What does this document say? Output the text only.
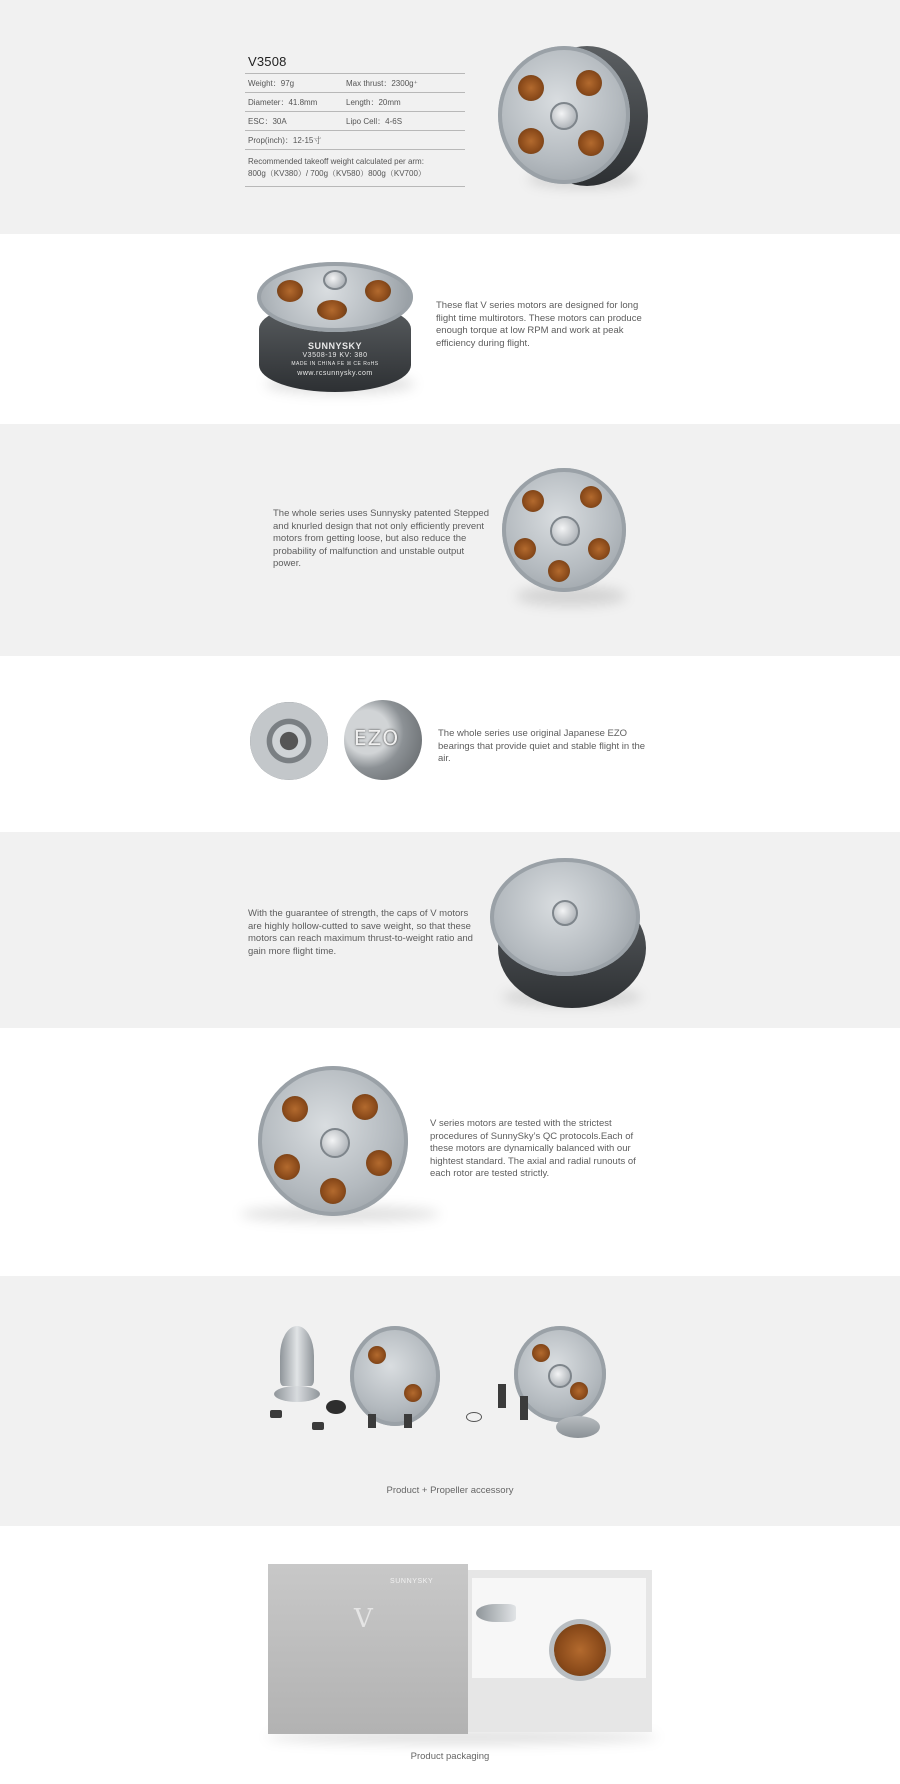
V3508
Weight：97g	Max thrust：2300g⁺
Diameter：41.8mm	Length：20mm
ESC：30A	Lipo Cell：4-6S
Prop(inch)：12-15寸
Recommended takeoff weight calculated per arm:
800g（KV380）/ 700g（KV580）800g（KV700）
SUNNYSKY
V3508-19 KV: 380
MADE IN CHINA FE ☒ CE RoHS
www.rcsunnysky.com
These flat V series motors are designed for long flight time multirotors. These motors can produce enough torque at low RPM and work at peak efficiency during flight.
The whole series uses Sunnysky patented Stepped and knurled design that not only efficiently prevent motors from getting loose, but also reduce the probability of malfunction and unstable output power.
EZO	The whole series use original Japanese EZO bearings that provide quiet and stable flight in the air.
With the guarantee of strength, the caps of V motors are highly hollow-cutted to save weight, so that these motors can reach maximum thrust-to-weight ratio and gain more flight time.
V series motors are tested with the strictest procedures of SunnySky’s QC protocols.Each of these motors are dynamically balanced with our hightest standard. The axial and radial runouts of each rotor are tested strictly.
Product + Propeller accessory
SUNNYSKY
V
Product packaging
